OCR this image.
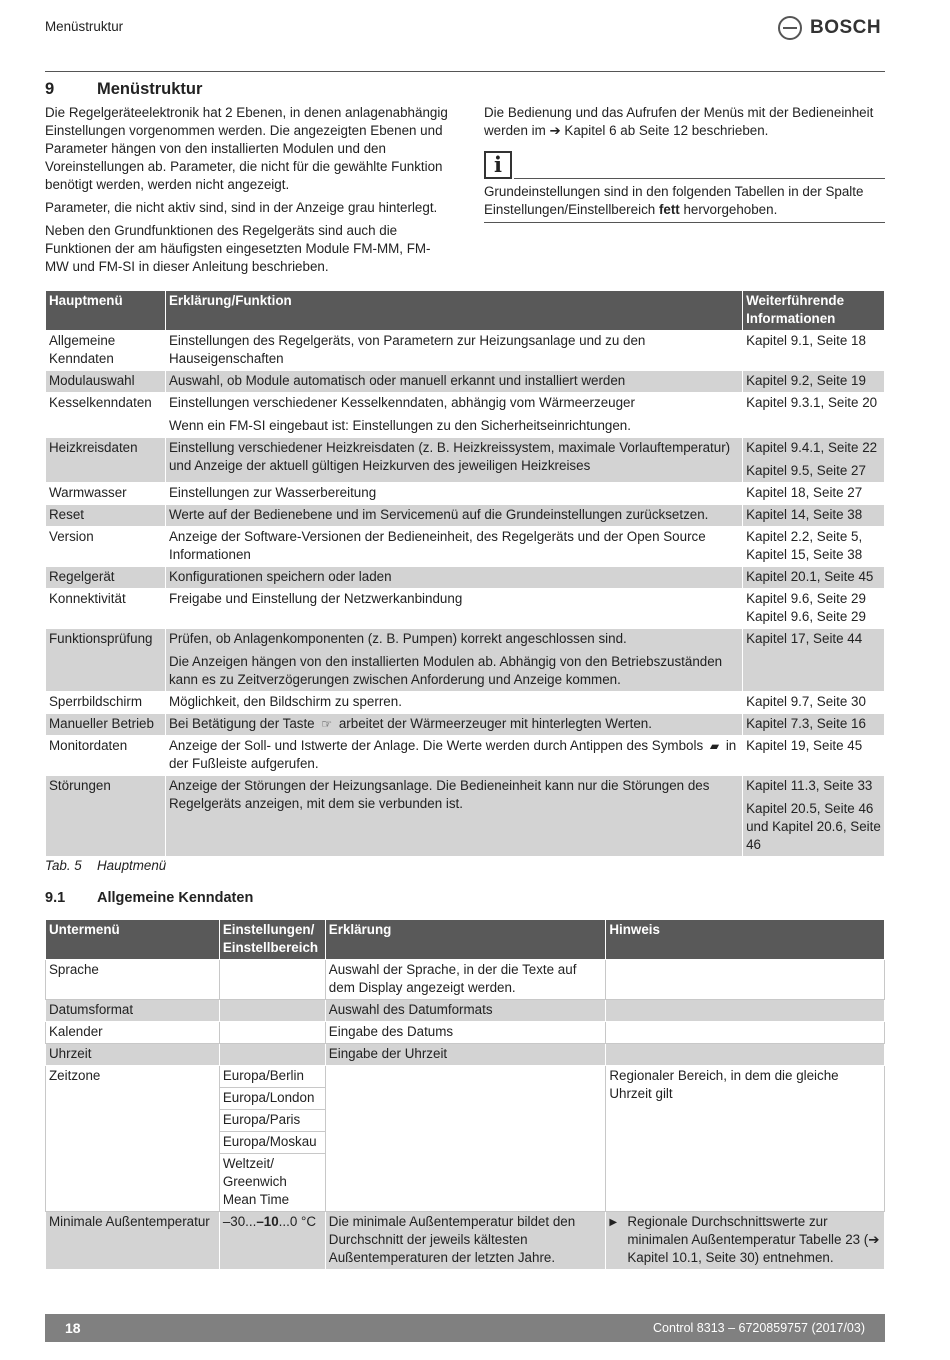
Menüstruktur	BOSCH
9	Menüstruktur

Die Regelgeräteelektronik hat 2 Ebenen, in denen anlagenabhängig Einstellungen vorgenommen werden. Die angezeigten Ebenen und Parameter hängen von den installierten Modulen und den Voreinstellungen ab. Parameter, die nicht für die gewählte Funktion benötigt werden, werden nicht angezeigt.

Parameter, die nicht aktiv sind, sind in der Anzeige grau hinterlegt.

Neben den Grundfunktionen des Regelgeräts sind auch die Funktionen der am häufigsten eingesetzten Module FM-MM, FM-MW und FM-SI in dieser Anleitung beschrieben.

Die Bedienung und das Aufrufen der Menüs mit der Bedieneinheit werden im ➔ Kapitel 6 ab Seite 12 beschrieben.

i
Grundeinstellungen sind in den folgenden Tabellen in der Spalte Einstellungen/Einstellbereich fett hervorgehoben.
Hauptmenü	Erklärung/Funktion	Weiterführende Informationen
Allgemeine Kenndaten	Einstellungen des Regelgeräts, von Parametern zur Heizungsanlage und zu den Hauseigenschaften	Kapitel 9.1, Seite 18
Modulauswahl	Auswahl, ob Module automatisch oder manuell erkannt und installiert werden	Kapitel 9.2, Seite 19
Kesselkenndaten	Einstellungen verschiedener Kesselkenndaten, abhängig vom Wärmeerzeuger

Wenn ein FM-SI eingebaut ist: Einstellungen zu den Sicherheitseinrichtungen.	Kapitel 9.3.1, Seite 20
Heizkreisdaten	Einstellung verschiedener Heizkreisdaten (z. B. Heizkreissystem, maximale Vorlauftemperatur) und Anzeige der aktuell gültigen Heizkurven des jeweiligen Heizkreises	Kapitel 9.4.1, Seite 22

Kapitel 9.5, Seite 27

Warmwasser	Einstellungen zur Wasserbereitung	Kapitel 18, Seite 27
Reset	Werte auf der Bedienebene und im Servicemenü auf die Grundeinstellungen zurücksetzen.	Kapitel 14, Seite 38
Version	Anzeige der Software-Versionen der Bedieneinheit, des Regelgeräts und der Open Source Informationen	Kapitel 2.2, Seite 5, Kapitel 15, Seite 38
Regelgerät	Konfigurationen speichern oder laden	Kapitel 20.1, Seite 45
Konnektivität	Freigabe und Einstellung der Netzwerkanbindung	Kapitel 9.6, Seite 29 Kapitel 9.6, Seite 29
Funktionsprüfung	Prüfen, ob Anlagenkomponenten (z. B. Pumpen) korrekt angeschlossen sind.

Die Anzeigen hängen von den installierten Modulen ab. Abhängig von den Betriebszuständen kann es zu Zeitverzögerungen zwischen Anforderung und Anzeige kommen.	Kapitel 17, Seite 44
Sperrbildschirm	Möglichkeit, den Bildschirm zu sperren.	Kapitel 9.7, Seite 30
Manueller Betrieb	Bei Betätigung der Taste ☞ arbeitet der Wärmeerzeuger mit hinterlegten Werten.	Kapitel 7.3, Seite 16
Monitordaten	Anzeige der Soll- und Istwerte der Anlage. Die Werte werden durch Antippen des Symbols ▰ in der Fußleiste aufgerufen.	Kapitel 19, Seite 45
Störungen	Anzeige der Störungen der Heizungsanlage. Die Bedieneinheit kann nur die Störungen des Regelgeräts anzeigen, mit dem sie verbunden ist.	Kapitel 11.3, Seite 33

Kapitel 20.5, Seite 46 und Kapitel 20.6, Seite 46

Tab. 5 Hauptmenü
9.1 Allgemeine Kenndaten
Untermenü	Einstellungen/ Einstellbereich	Erklärung	Hinweis
Sprache		Auswahl der Sprache, in der die Texte auf dem Display angezeigt werden.	
Datumsformat		Auswahl des Datumformats	
Kalender		Eingabe des Datums	
Uhrzeit		Eingabe der Uhrzeit	
Zeitzone	Europa/Berlin		Regionaler Bereich, in dem die gleiche Uhrzeit gilt
	Europa/London		
	Europa/Paris		
	Europa/Moskau		
	Weltzeit/ Greenwich Mean Time		
Minimale Außentemperatur	–30...–10...0 °C	Die minimale Außentemperatur bildet den Durchschnitt der jeweils kältesten Außentemperaturen der letzten Jahre.	▶ Regionale Durchschnittswerte zur minimalen Außentemperatur Tabelle 23 (➔ Kapitel 10.1, Seite 30) entnehmen.
18	Control 8313 – 6720859757 (2017/03)
